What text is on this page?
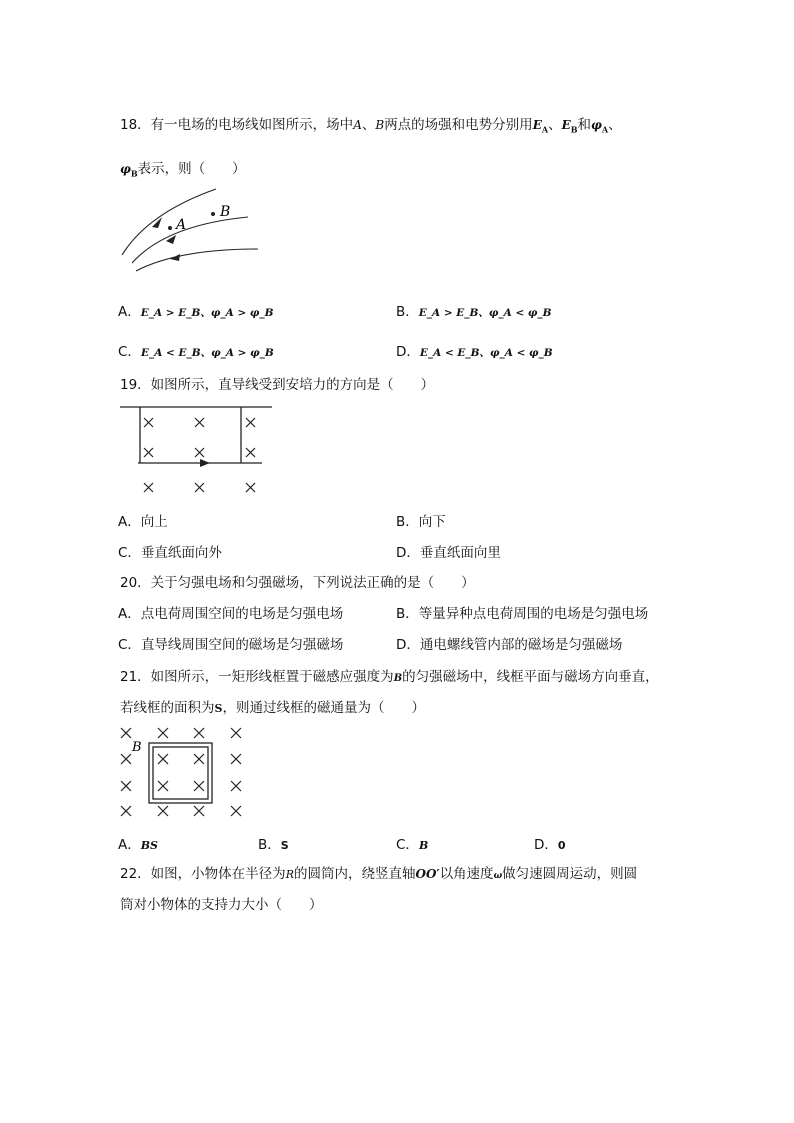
18．有一电场的电场线如图所示，场中A、B两点的场强和电势分别用$E_A$、$E_B$和$\varphi_A$、
$\varphi_B$表示，则（　　）
A
B
A．E_A > E_B、φ_A > φ_B	B．E_A > E_B、φ_A < φ_B
C．E_A < E_B、φ_A > φ_B	D．E_A < E_B、φ_A < φ_B
19．如图所示，直导线受到安培力的方向是（　　）
A．向上	B．向下
C．垂直纸面向外	D．垂直纸面向里
20．关于匀强电场和匀强磁场，下列说法正确的是（　　）
A．点电荷周围空间的电场是匀强电场	B．等量异种点电荷周围的电场是匀强电场
C．直导线周围空间的磁场是匀强磁场	D．通电螺线管内部的磁场是匀强磁场
21．如图所示，一矩形线框置于磁感应强度为B的匀强磁场中，线框平面与磁场方向垂直，
若线框的面积为S，则通过线框的磁通量为（　　）
B
A．BS	B．S	C．B	D．0
22．如图，小物体在半径为R的圆筒内，绕竖直轴OO′以角速度ω做匀速圆周运动，则圆
筒对小物体的支持力大小（　　）
